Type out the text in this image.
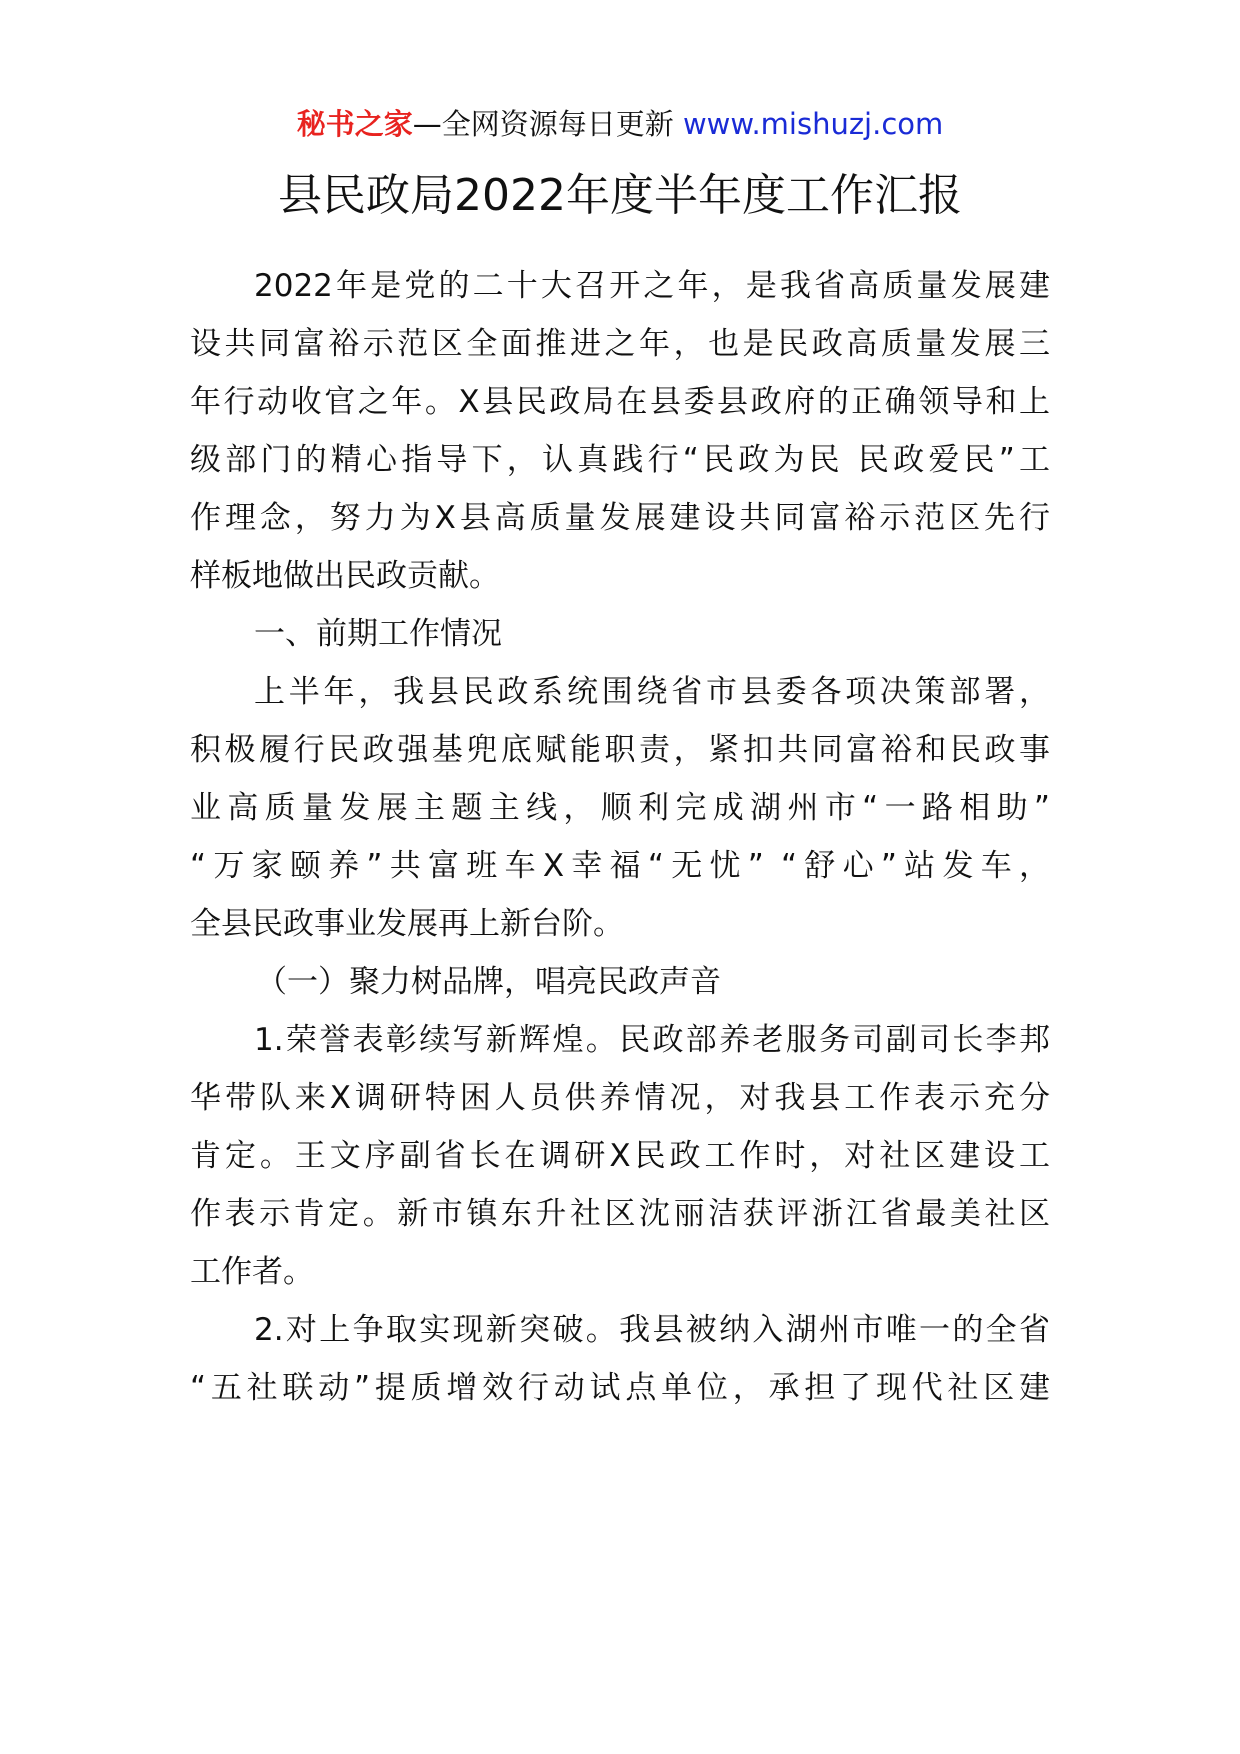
秘书之家—全网资源每日更新 www.mishuzj.com
县民政局2022年度半年度工作汇报
2022年是党的二十大召开之年，是我省高质量发展建
设共同富裕示范区全面推进之年，也是民政高质量发展三
年行动收官之年。X县民政局在县委县政府的正确领导和上
级部门的精心指导下，认真践行“民政为民 民政爱民”工
作理念，努力为X县高质量发展建设共同富裕示范区先行
样板地做出民政贡献。
一、前期工作情况
上半年，我县民政系统围绕省市县委各项决策部署，
积极履行民政强基兜底赋能职责，紧扣共同富裕和民政事
业高质量发展主题主线，顺利完成湖州市“一路相助”
“万家颐养”共富班车X幸福“无忧” “舒心”站发车，
全县民政事业发展再上新台阶。
（一）聚力树品牌，唱亮民政声音
1.荣誉表彰续写新辉煌。民政部养老服务司副司长李邦
华带队来X调研特困人员供养情况，对我县工作表示充分
肯定。王文序副省长在调研X民政工作时，对社区建设工
作表示肯定。新市镇东升社区沈丽洁获评浙江省最美社区
工作者。
2.对上争取实现新突破。我县被纳入湖州市唯一的全省
“五社联动”提质增效行动试点单位，承担了现代社区建
